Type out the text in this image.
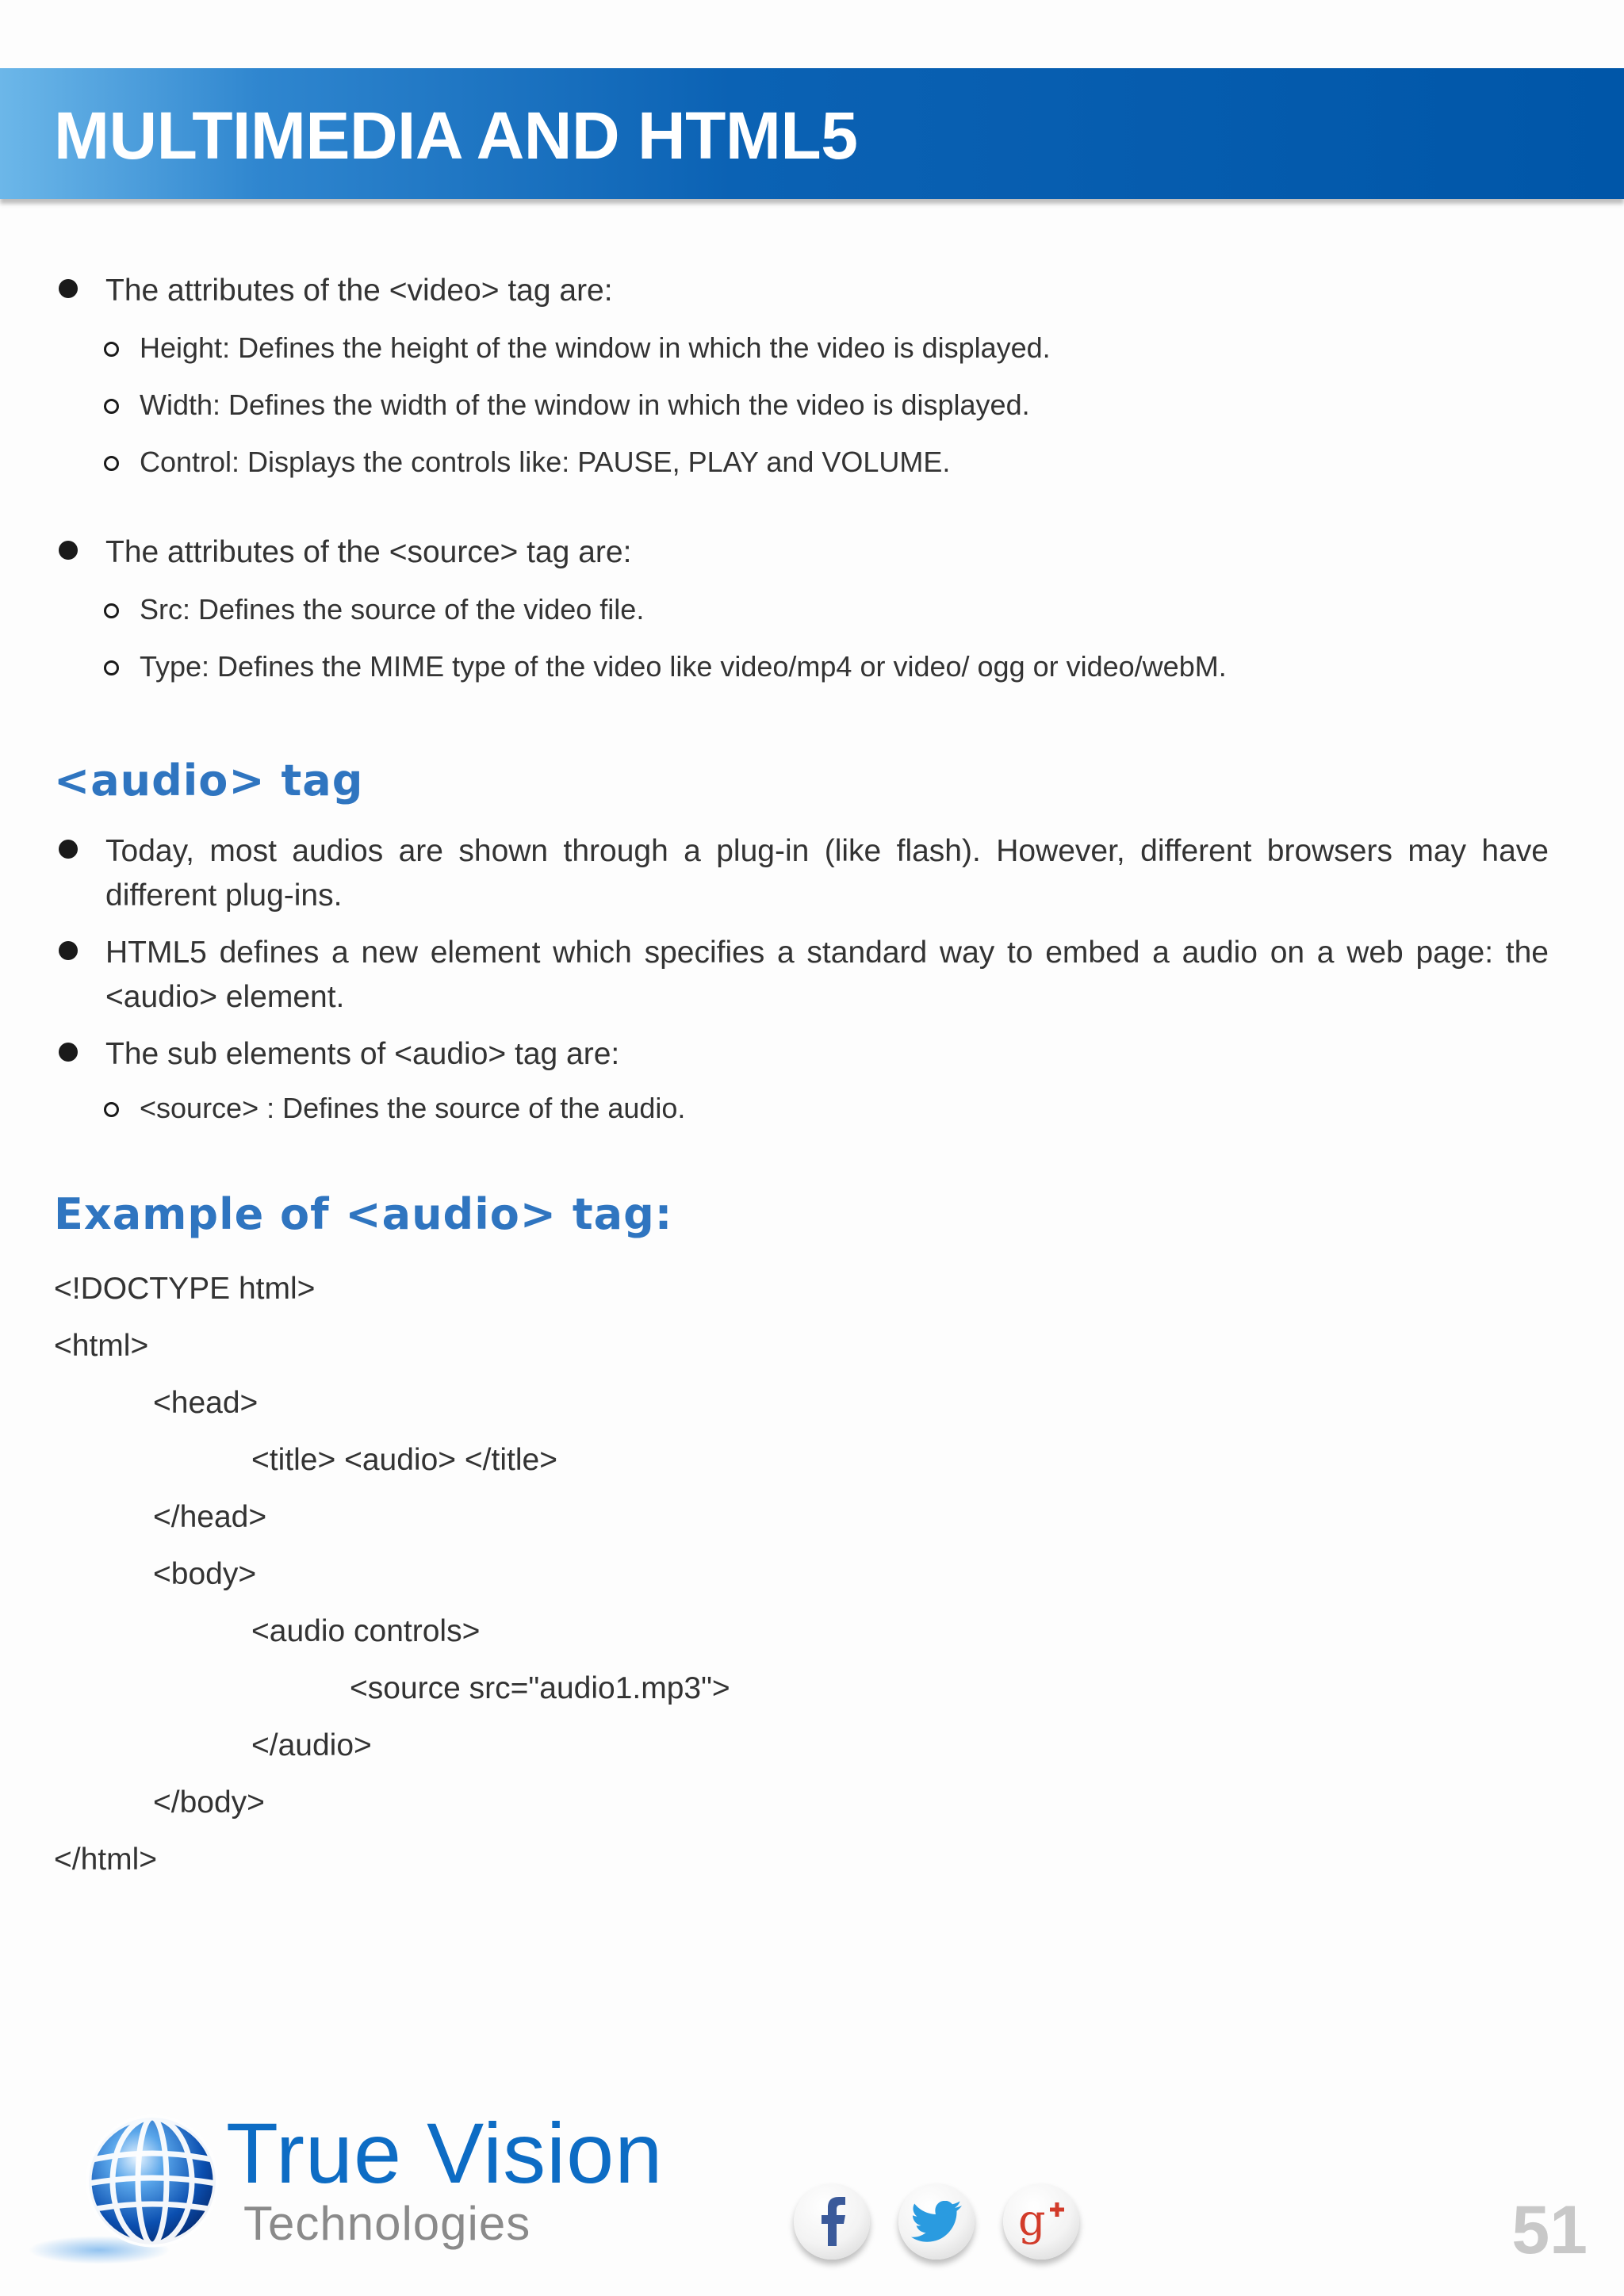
MULTIMEDIA AND HTML5
The attributes of the <video> tag are:
Height: Defines the height of the window in which the video is displayed.
Width: Defines the width of the window in which the video is displayed.
Control: Displays the controls like: PAUSE, PLAY and VOLUME.
The attributes of the <source> tag are:
Src: Defines the source of the video file.
Type: Defines the MIME type of the video like video/mp4 or video/ ogg or video/webM.
<audio> tag
Today, most audios are shown through a plug-in (like flash). However, different browsers may have different plug-ins.
HTML5 defines a new element which specifies a standard way to embed a audio on a web page: the <audio> element.
The sub elements of <audio> tag are:
<source> : Defines the source of the audio.
Example of <audio> tag:
<!DOCTYPE html>
<html>
<head>
<title> <audio> </title>
</head>
<body>
<audio controls>
<source src="audio1.mp3">
</audio>
</body>
</html>

True Vision

Technologies	g	51
